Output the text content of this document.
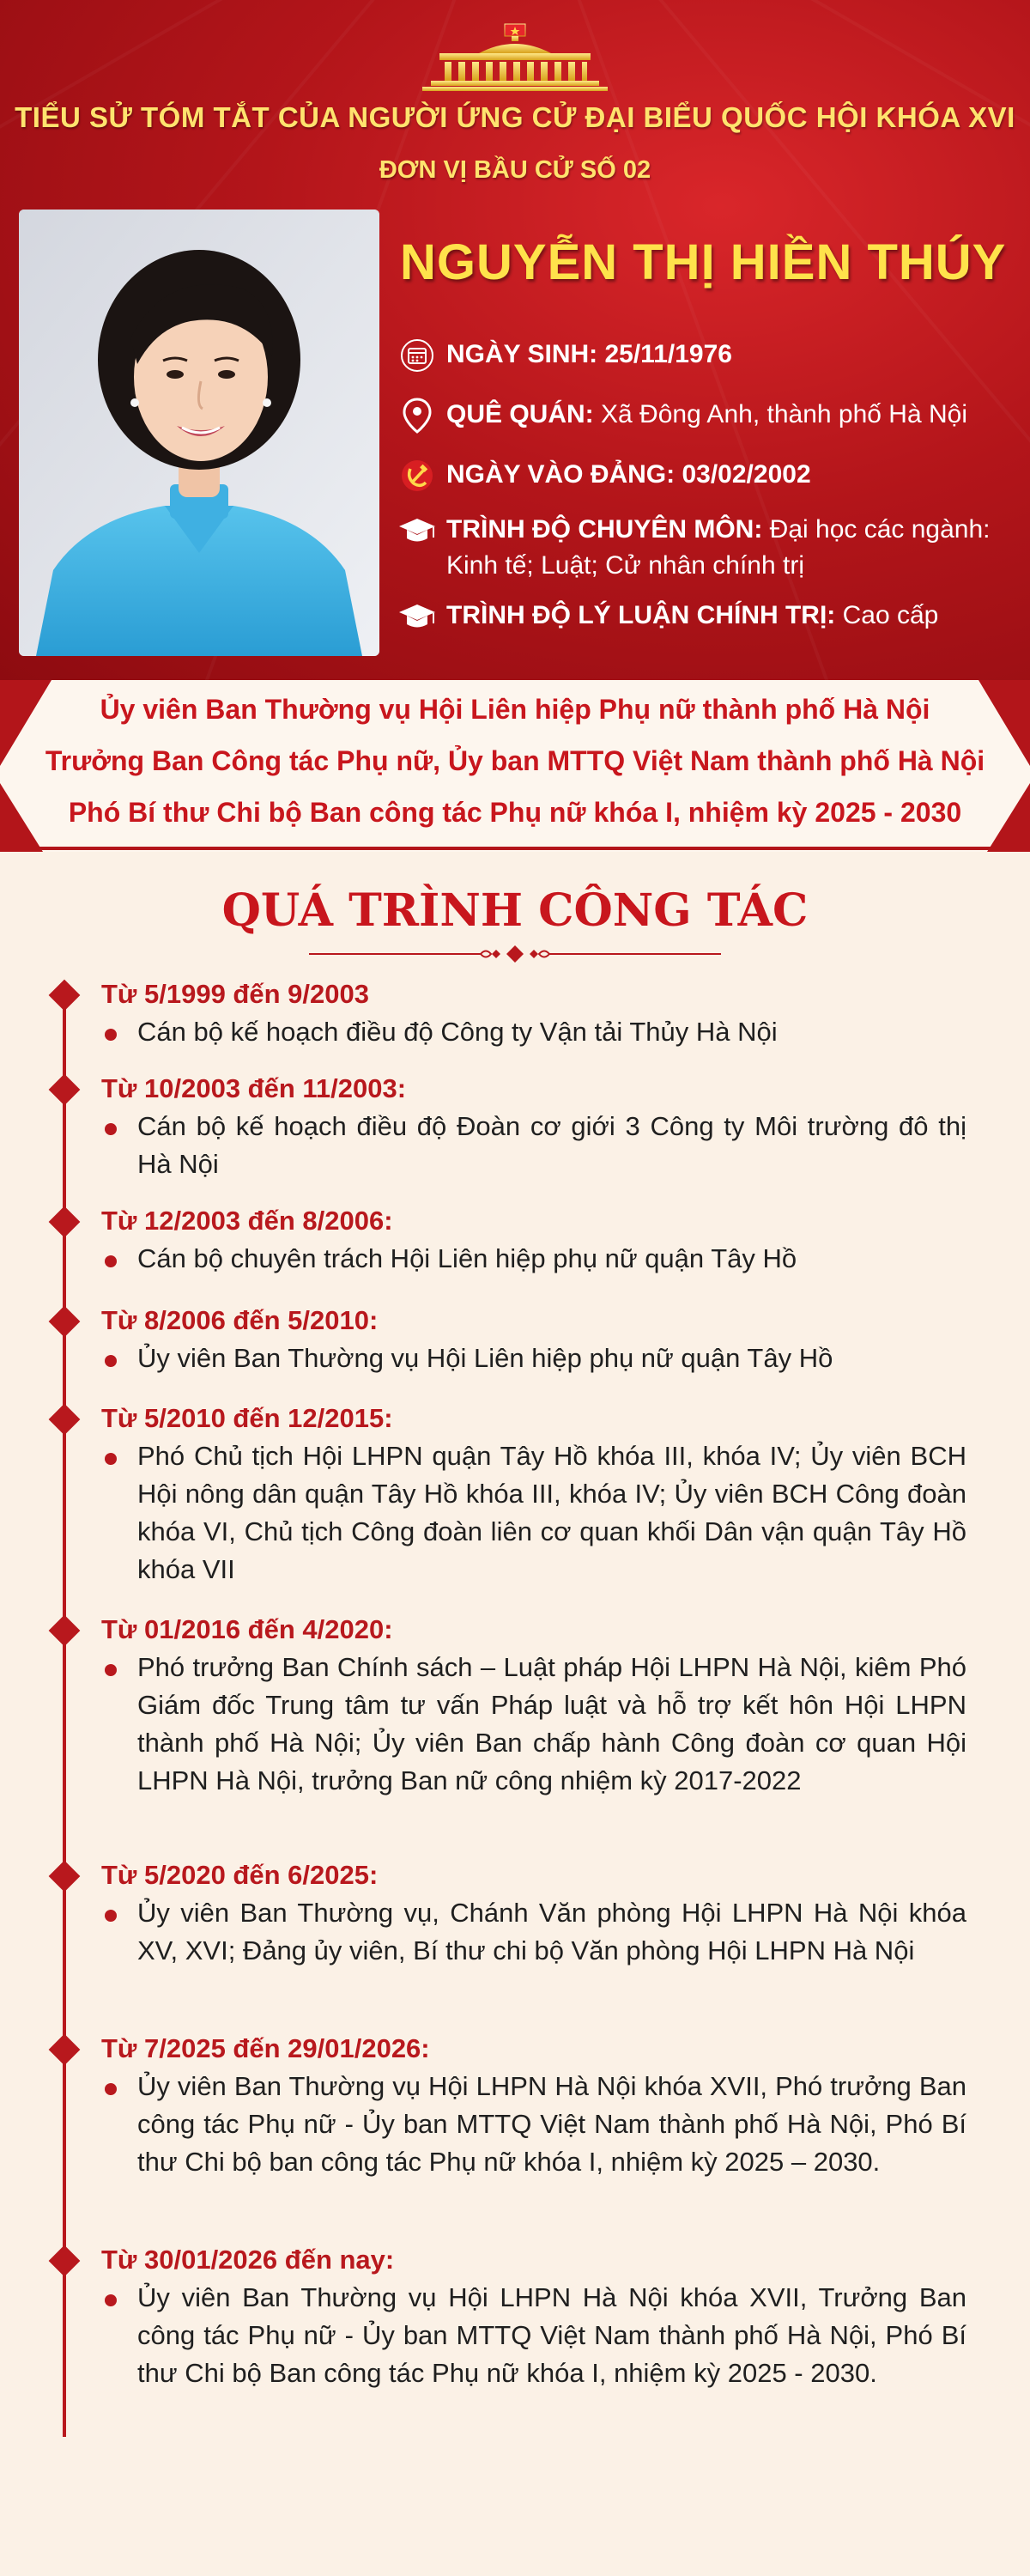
TIỂU SỬ TÓM TẮT CỦA NGƯỜI ỨNG CỬ ĐẠI BIỂU QUỐC HỘI KHÓA XVI
ĐƠN VỊ BẦU CỬ SỐ 02
NGUYỄN THỊ HIỀN THÚY
NGÀY SINH: 25/11/1976
QUÊ QUÁN: Xã Đông Anh, thành phố Hà Nội
NGÀY VÀO ĐẢNG: 03/02/2002
TRÌNH ĐỘ CHUYÊN MÔN: Đại học các ngành: Kinh tế; Luật; Cử nhân chính trị
TRÌNH ĐỘ LÝ LUẬN CHÍNH TRỊ: Cao cấp
Ủy viên Ban Thường vụ Hội Liên hiệp Phụ nữ thành phố Hà Nội
Trưởng Ban Công tác Phụ nữ, Ủy ban MTTQ Việt Nam thành phố Hà Nội
Phó Bí thư Chi bộ Ban công tác Phụ nữ khóa I, nhiệm kỳ 2025 - 2030
QUÁ TRÌNH CÔNG TÁC
Từ 5/1999 đến 9/2003
Cán bộ kế hoạch điều độ Công ty Vận tải Thủy Hà Nội
Từ 10/2003 đến 11/2003:
Cán bộ kế hoạch điều độ Đoàn cơ giới 3 Công ty Môi trường đô thị Hà Nội
Từ 12/2003 đến 8/2006:
Cán bộ chuyên trách Hội Liên hiệp phụ nữ quận Tây Hồ
Từ 8/2006 đến 5/2010:
Ủy viên Ban Thường vụ Hội Liên hiệp phụ nữ quận Tây Hồ
Từ 5/2010 đến 12/2015:
Phó Chủ tịch Hội LHPN quận Tây Hồ khóa III, khóa IV; Ủy viên BCH Hội nông dân quận Tây Hồ khóa III, khóa IV; Ủy viên BCH Công đoàn khóa VI, Chủ tịch Công đoàn liên cơ quan khối Dân vận quận Tây Hồ khóa VII
Từ 01/2016 đến 4/2020:
Phó trưởng Ban Chính sách – Luật pháp Hội LHPN Hà Nội, kiêm Phó Giám đốc Trung tâm tư vấn Pháp luật và hỗ trợ kết hôn Hội LHPN thành phố Hà Nội; Ủy viên Ban chấp hành Công đoàn cơ quan Hội LHPN Hà Nội, trưởng Ban nữ công nhiệm kỳ 2017-2022
Từ 5/2020 đến 6/2025:
Ủy viên Ban Thường vụ, Chánh Văn phòng Hội LHPN Hà Nội khóa XV, XVI; Đảng ủy viên, Bí thư chi bộ Văn phòng Hội LHPN Hà Nội
Từ 7/2025 đến 29/01/2026:
Ủy viên Ban Thường vụ Hội LHPN Hà Nội khóa XVII, Phó trưởng Ban công tác Phụ nữ - Ủy ban MTTQ Việt Nam thành phố Hà Nội, Phó Bí thư Chi bộ ban công tác Phụ nữ khóa I, nhiệm kỳ 2025 – 2030.
Từ 30/01/2026 đến nay:
Ủy viên Ban Thường vụ Hội LHPN Hà Nội khóa XVII, Trưởng Ban công tác Phụ nữ - Ủy ban MTTQ Việt Nam thành phố Hà Nội, Phó Bí thư Chi bộ Ban công tác Phụ nữ khóa I, nhiệm kỳ 2025 - 2030.
